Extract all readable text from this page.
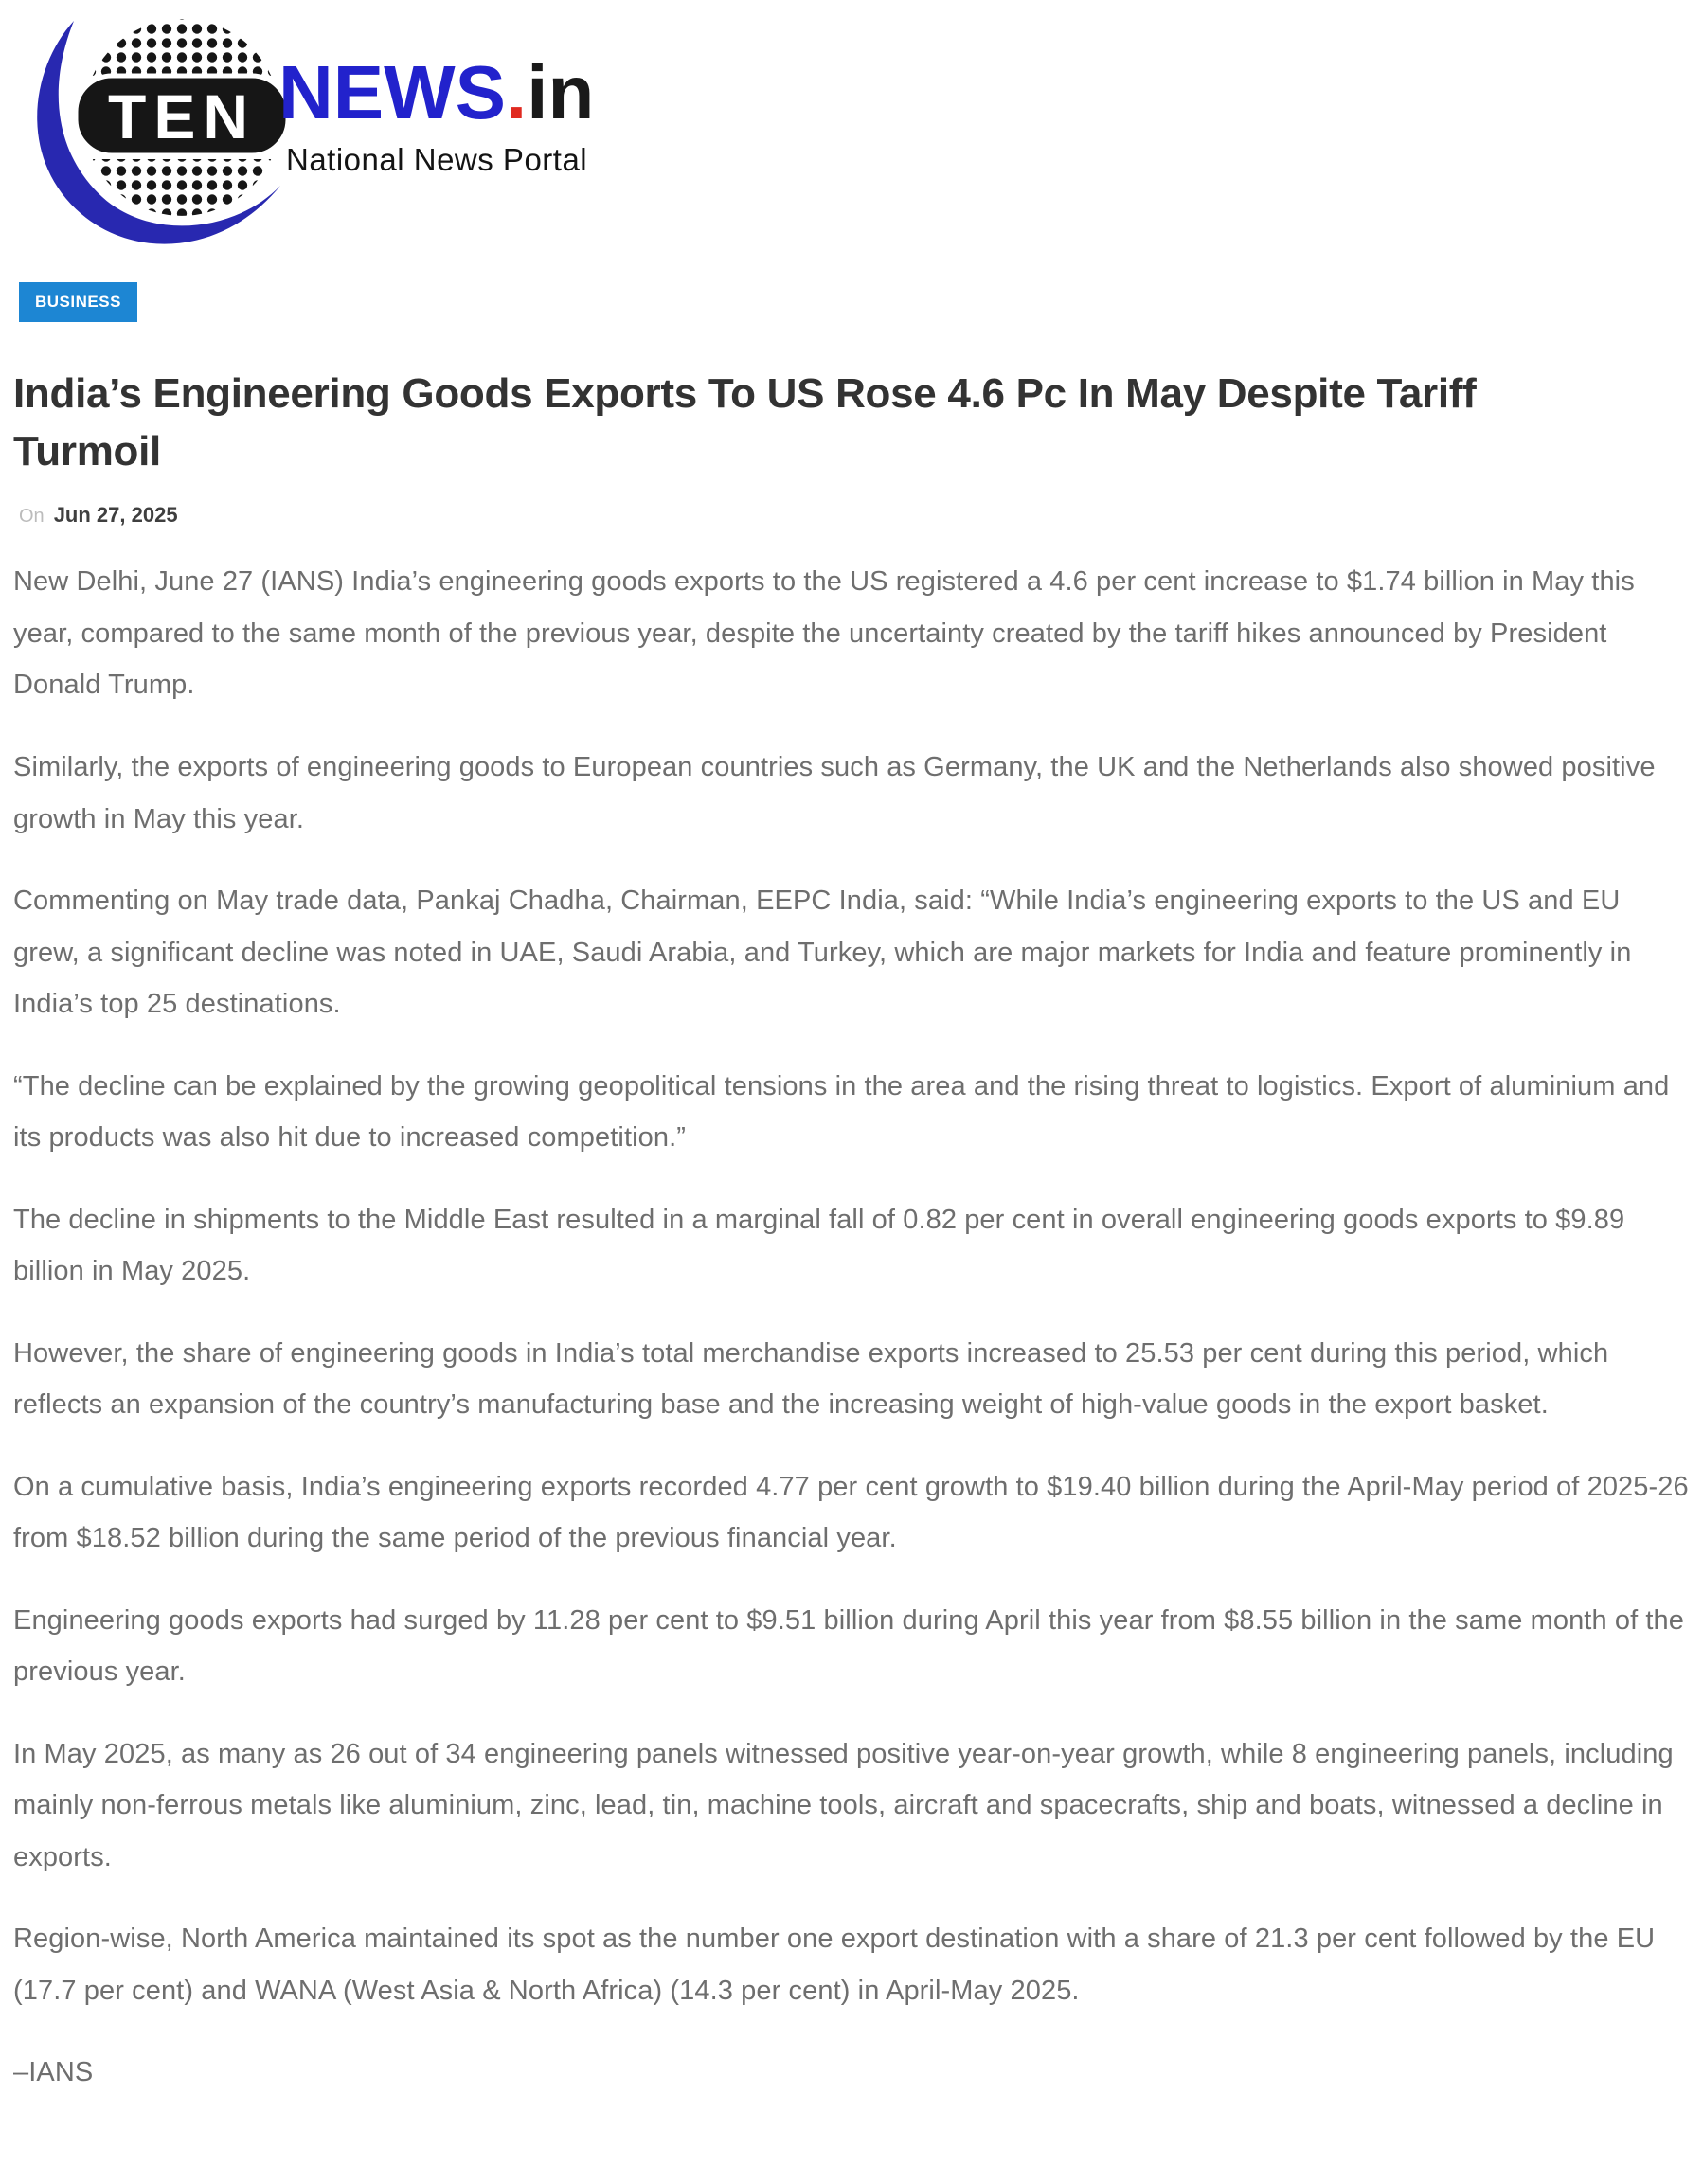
TEN NEWS.in
National News Portal
BUSINESS
India’s Engineering Goods Exports To US Rose 4.6 Pc In May Despite Tariff Turmoil
On Jun 27, 2025

New Delhi, June 27 (IANS) India’s engineering goods exports to the US registered a 4.6 per cent increase to $1.74 billion in May this year, compared to the same month of the previous year, despite the uncertainty created by the tariff hikes announced by President Donald Trump.

Similarly, the exports of engineering goods to European countries such as Germany, the UK and the Netherlands also showed positive growth in May this year.

Commenting on May trade data, Pankaj Chadha, Chairman, EEPC India, said: “While India’s engineering exports to the US and EU grew, a significant decline was noted in UAE, Saudi Arabia, and Turkey, which are major markets for India and feature prominently in India’s top 25 destinations.

“The decline can be explained by the growing geopolitical tensions in the area and the rising threat to logistics. Export of aluminium and its products was also hit due to increased competition.”

The decline in shipments to the Middle East resulted in a marginal fall of 0.82 per cent in overall engineering goods exports to $9.89 billion in May 2025.

However, the share of engineering goods in India’s total merchandise exports increased to 25.53 per cent during this period, which reflects an expansion of the country’s manufacturing base and the increasing weight of high-value goods in the export basket.

On a cumulative basis, India’s engineering exports recorded 4.77 per cent growth to $19.40 billion during the April-May period of 2025-26 from $18.52 billion during the same period of the previous financial year.

Engineering goods exports had surged by 11.28 per cent to $9.51 billion during April this year from $8.55 billion in the same month of the previous year.

In May 2025, as many as 26 out of 34 engineering panels witnessed positive year-on-year growth, while 8 engineering panels, including mainly non-ferrous metals like aluminium, zinc, lead, tin, machine tools, aircraft and spacecrafts, ship and boats, witnessed a decline in exports.

Region-wise, North America maintained its spot as the number one export destination with a share of 21.3 per cent followed by the EU (17.7 per cent) and WANA (West Asia & North Africa) (14.3 per cent) in April-May 2025.

–IANS
